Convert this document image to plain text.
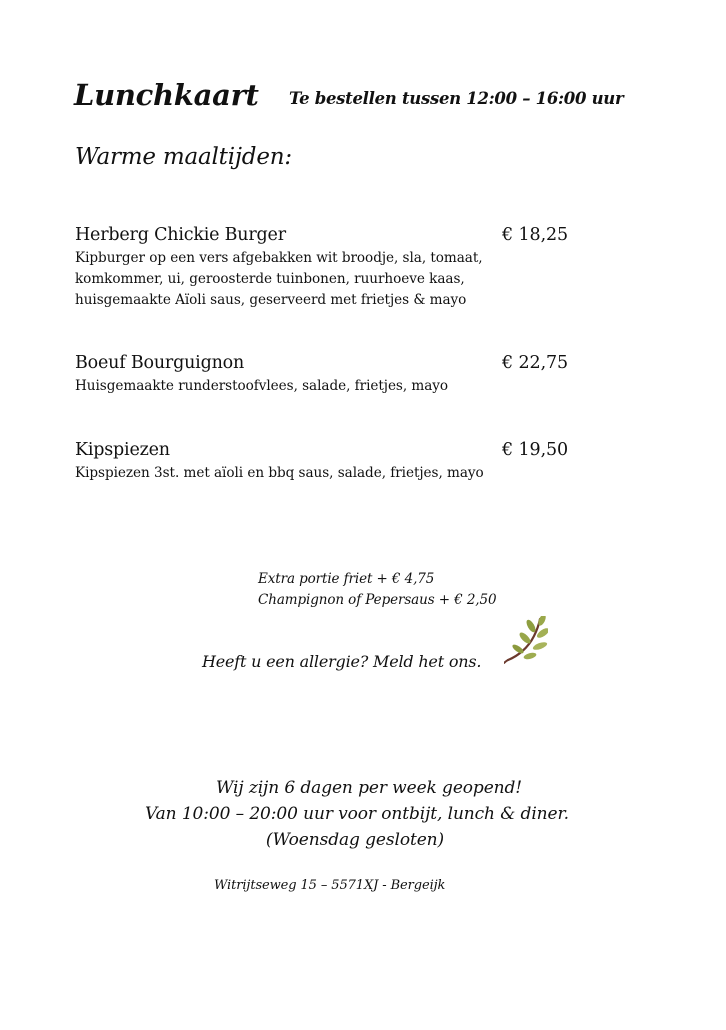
Lunchkaart Te bestellen tussen 12:00 – 16:00 uur
Warme maaltijden:
Herberg Chickie Burger	€ 18,25
Kipburger op een vers afgebakken wit broodje, sla, tomaat,
komkommer, ui, geroosterde tuinbonen, ruurhoeve kaas,
huisgemaakte Aïoli saus, geserveerd met frietjes & mayo
Boeuf Bourguignon	€ 22,75
Huisgemaakte runderstoofvlees, salade, frietjes, mayo
Kipspiezen	€ 19,50
Kipspiezen 3st. met aïoli en bbq saus, salade, frietjes, mayo
Extra portie friet + € 4,75
Champignon of Pepersaus + € 2,50
Heeft u een allergie? Meld het ons.
Wij zijn 6 dagen per week geopend!
Van 10:00 – 20:00 uur voor ontbijt, lunch & diner.
(Woensdag gesloten)
Witrijtseweg 15 – 5571XJ - Bergeijk
